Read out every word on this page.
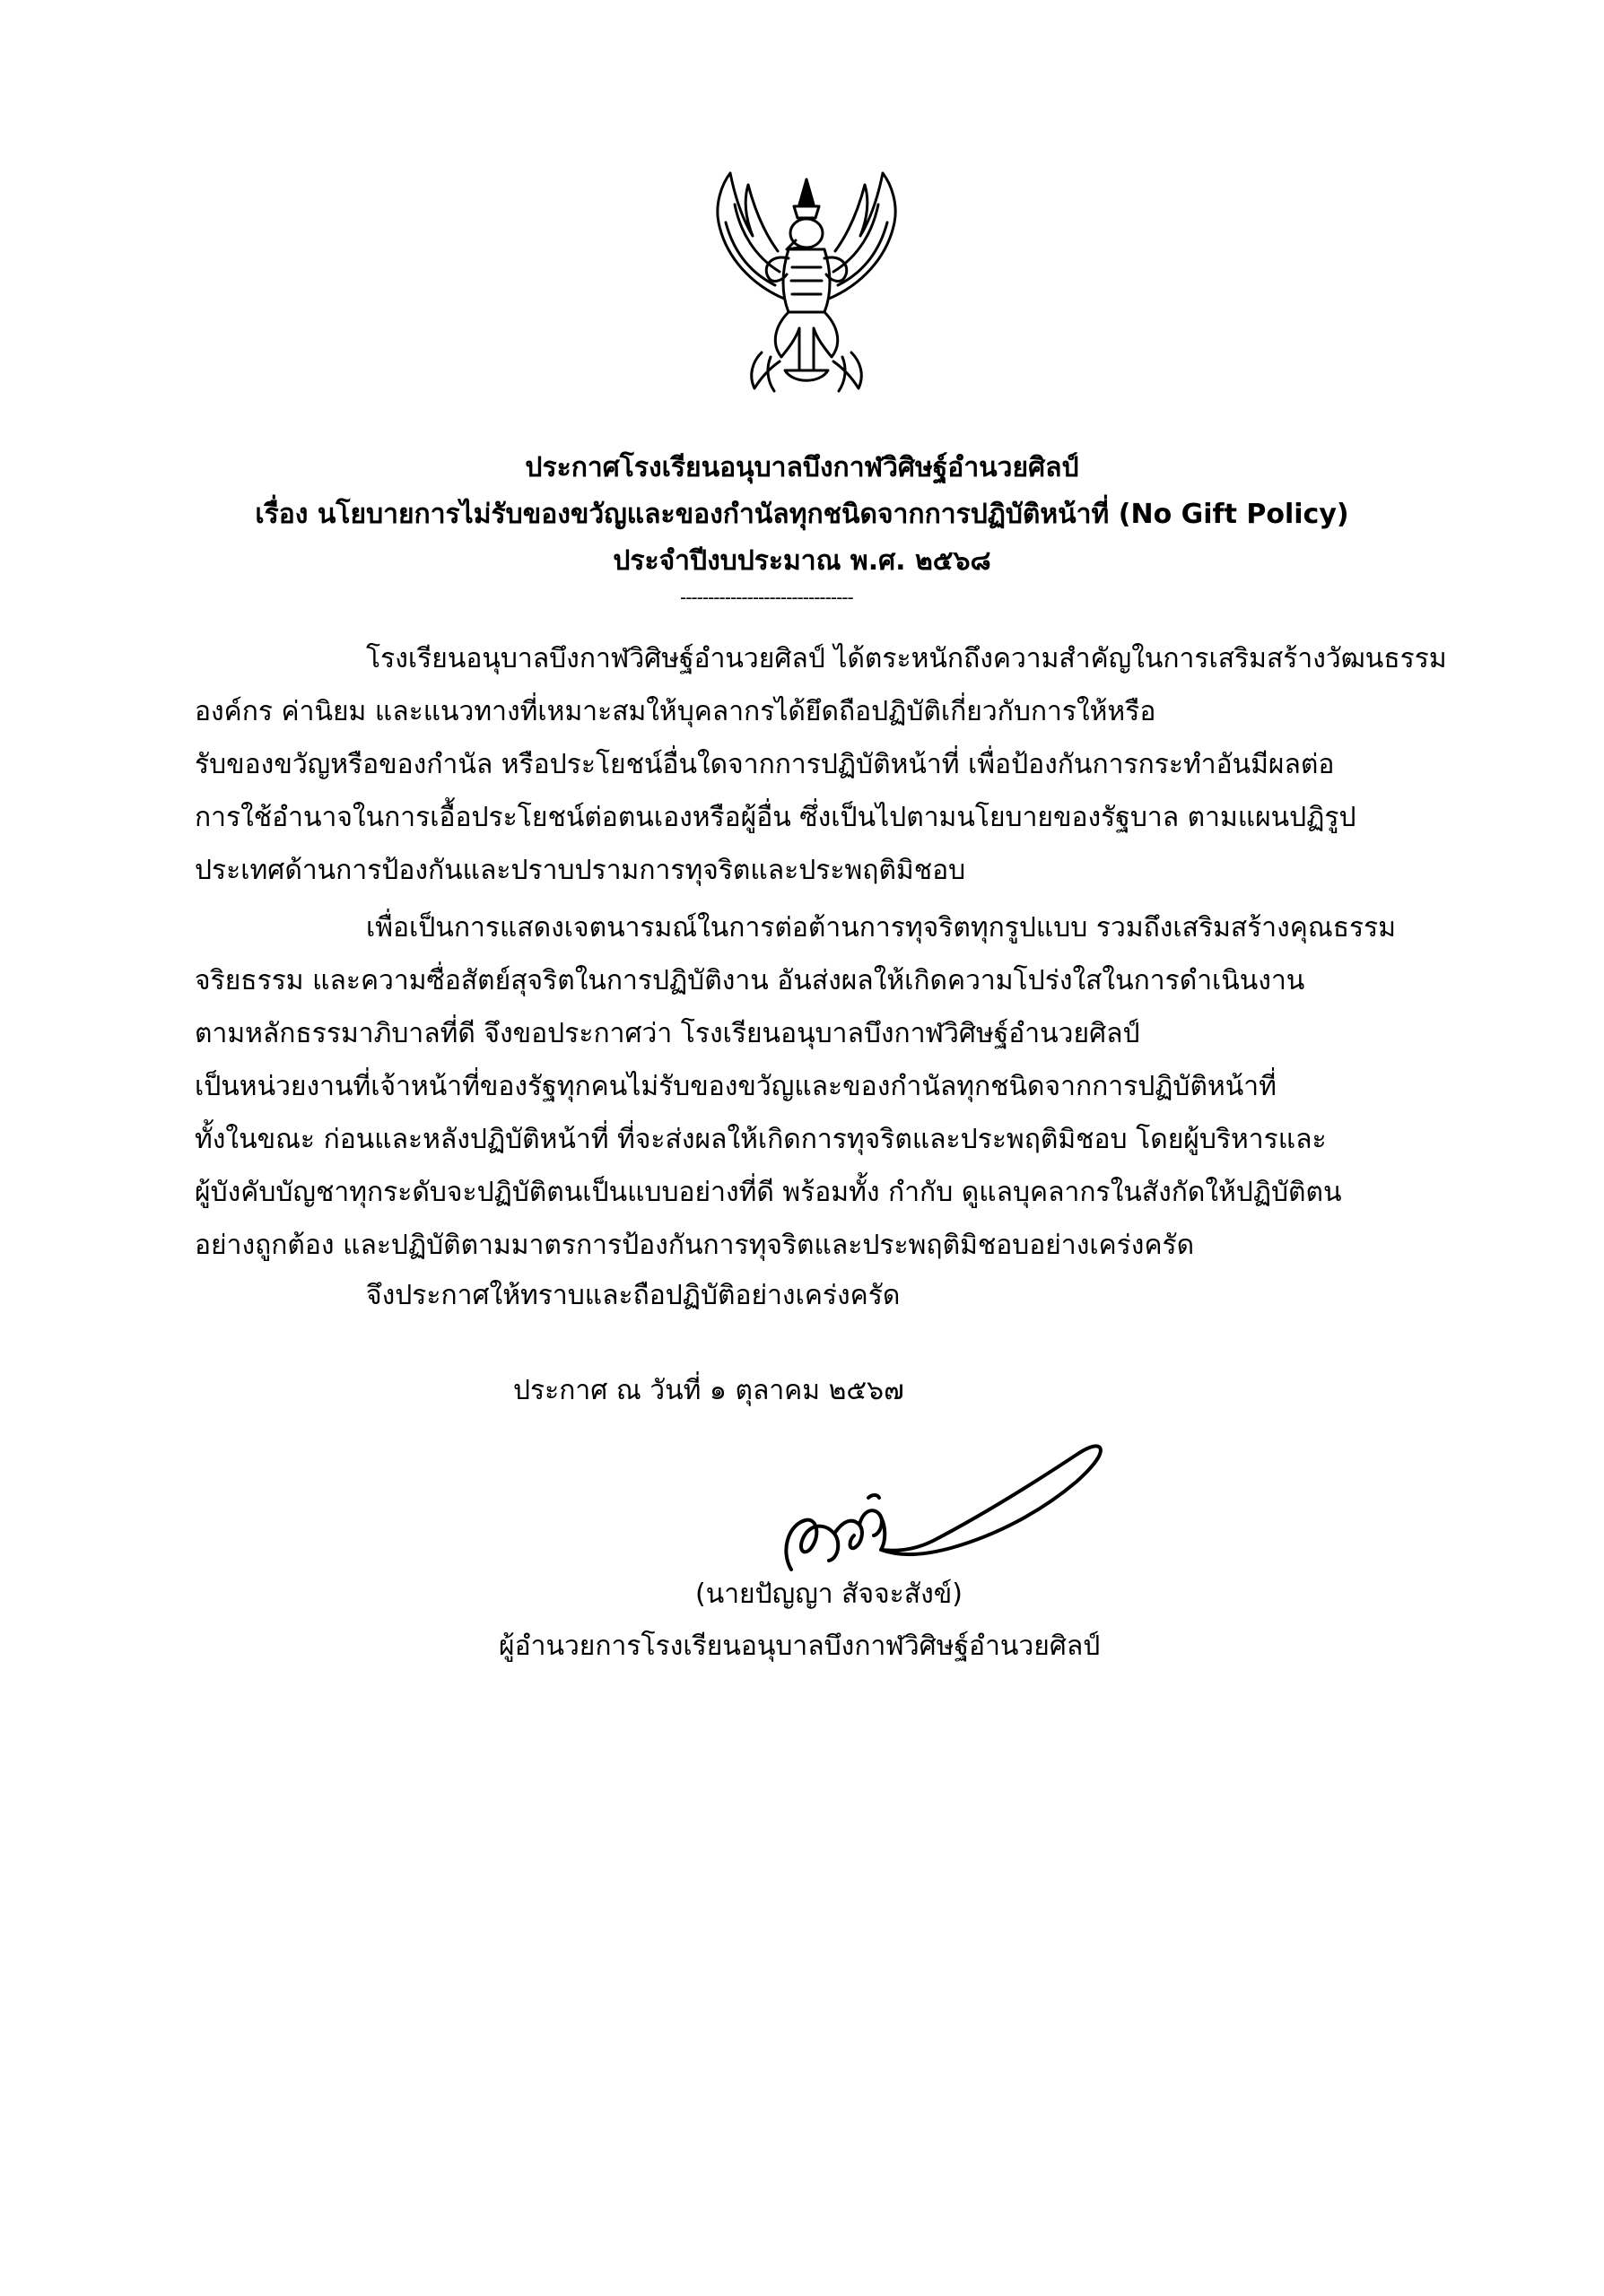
ประกาศโรงเรียนอนุบาลบึงกาฬวิศิษฐ์อำนวยศิลป์
เรื่อง นโยบายการไม่รับของขวัญและของกำนัลทุกชนิดจากการปฏิบัติหน้าที่ (No Gift Policy)
ประจำปีงบประมาณ พ.ศ. ๒๕๖๘
-------------------------------
โรงเรียนอนุบาลบึงกาฬวิศิษฐ์อำนวยศิลป์ ได้ตระหนักถึงความสำคัญในการเสริมสร้างวัฒนธรรม
องค์กร ค่านิยม และแนวทางที่เหมาะสมให้บุคลากรได้ยึดถือปฏิบัติเกี่ยวกับการให้หรือ
รับของขวัญหรือของกำนัล หรือประโยชน์อื่นใดจากการปฏิบัติหน้าที่ เพื่อป้องกันการกระทำอันมีผลต่อ
การใช้อำนาจในการเอื้อประโยชน์ต่อตนเองหรือผู้อื่น ซึ่งเป็นไปตามนโยบายของรัฐบาล ตามแผนปฏิรูป
ประเทศด้านการป้องกันและปราบปรามการทุจริตและประพฤติมิชอบ
เพื่อเป็นการแสดงเจตนารมณ์ในการต่อต้านการทุจริตทุกรูปแบบ รวมถึงเสริมสร้างคุณธรรม
จริยธรรม และความซื่อสัตย์สุจริตในการปฏิบัติงาน อันส่งผลให้เกิดความโปร่งใสในการดำเนินงาน
ตามหลักธรรมาภิบาลที่ดี จึงขอประกาศว่า โรงเรียนอนุบาลบึงกาฬวิศิษฐ์อำนวยศิลป์
เป็นหน่วยงานที่เจ้าหน้าที่ของรัฐทุกคนไม่รับของขวัญและของกำนัลทุกชนิดจากการปฏิบัติหน้าที่
ทั้งในขณะ ก่อนและหลังปฏิบัติหน้าที่ ที่จะส่งผลให้เกิดการทุจริตและประพฤติมิชอบ โดยผู้บริหารและ
ผู้บังคับบัญชาทุกระดับจะปฏิบัติตนเป็นแบบอย่างที่ดี พร้อมทั้ง กำกับ ดูแลบุคลากรในสังกัดให้ปฏิบัติตน
อย่างถูกต้อง และปฏิบัติตามมาตรการป้องกันการทุจริตและประพฤติมิชอบอย่างเคร่งครัด
จึงประกาศให้ทราบและถือปฏิบัติอย่างเคร่งครัด
ประกาศ ณ วันที่ ๑ ตุลาคม ๒๕๖๗
(นายปัญญา สัจจะสังข์)
ผู้อำนวยการโรงเรียนอนุบาลบึงกาฬวิศิษฐ์อำนวยศิลป์
